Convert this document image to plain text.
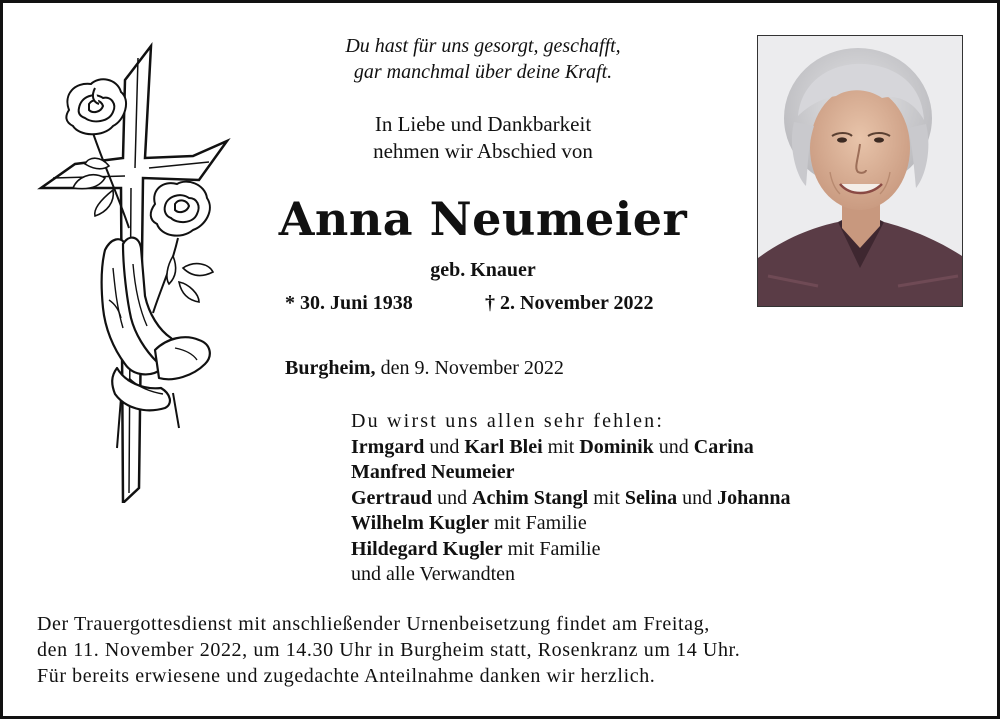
Du hast für uns gesorgt, geschafft,
gar manchmal über deine Kraft.
In Liebe und Dankbarkeit
nehmen wir Abschied von
Anna Neumeier
geb. Knauer
* 30. Juni 1938	† 2. November 2022
Burgheim, den 9. November 2022
Du wirst uns allen sehr fehlen:
Irmgard und Karl Blei mit Dominik und Carina
Manfred Neumeier
Gertraud und Achim Stangl mit Selina und Johanna
Wilhelm Kugler mit Familie
Hildegard Kugler mit Familie
und alle Verwandten
Der Trauergottesdienst mit anschließender Urnenbeisetzung findet am Freitag,
den 11. November 2022, um 14.30 Uhr in Burgheim statt, Rosenkranz um 14 Uhr.
Für bereits erwiesene und zugedachte Anteilnahme danken wir herzlich.
